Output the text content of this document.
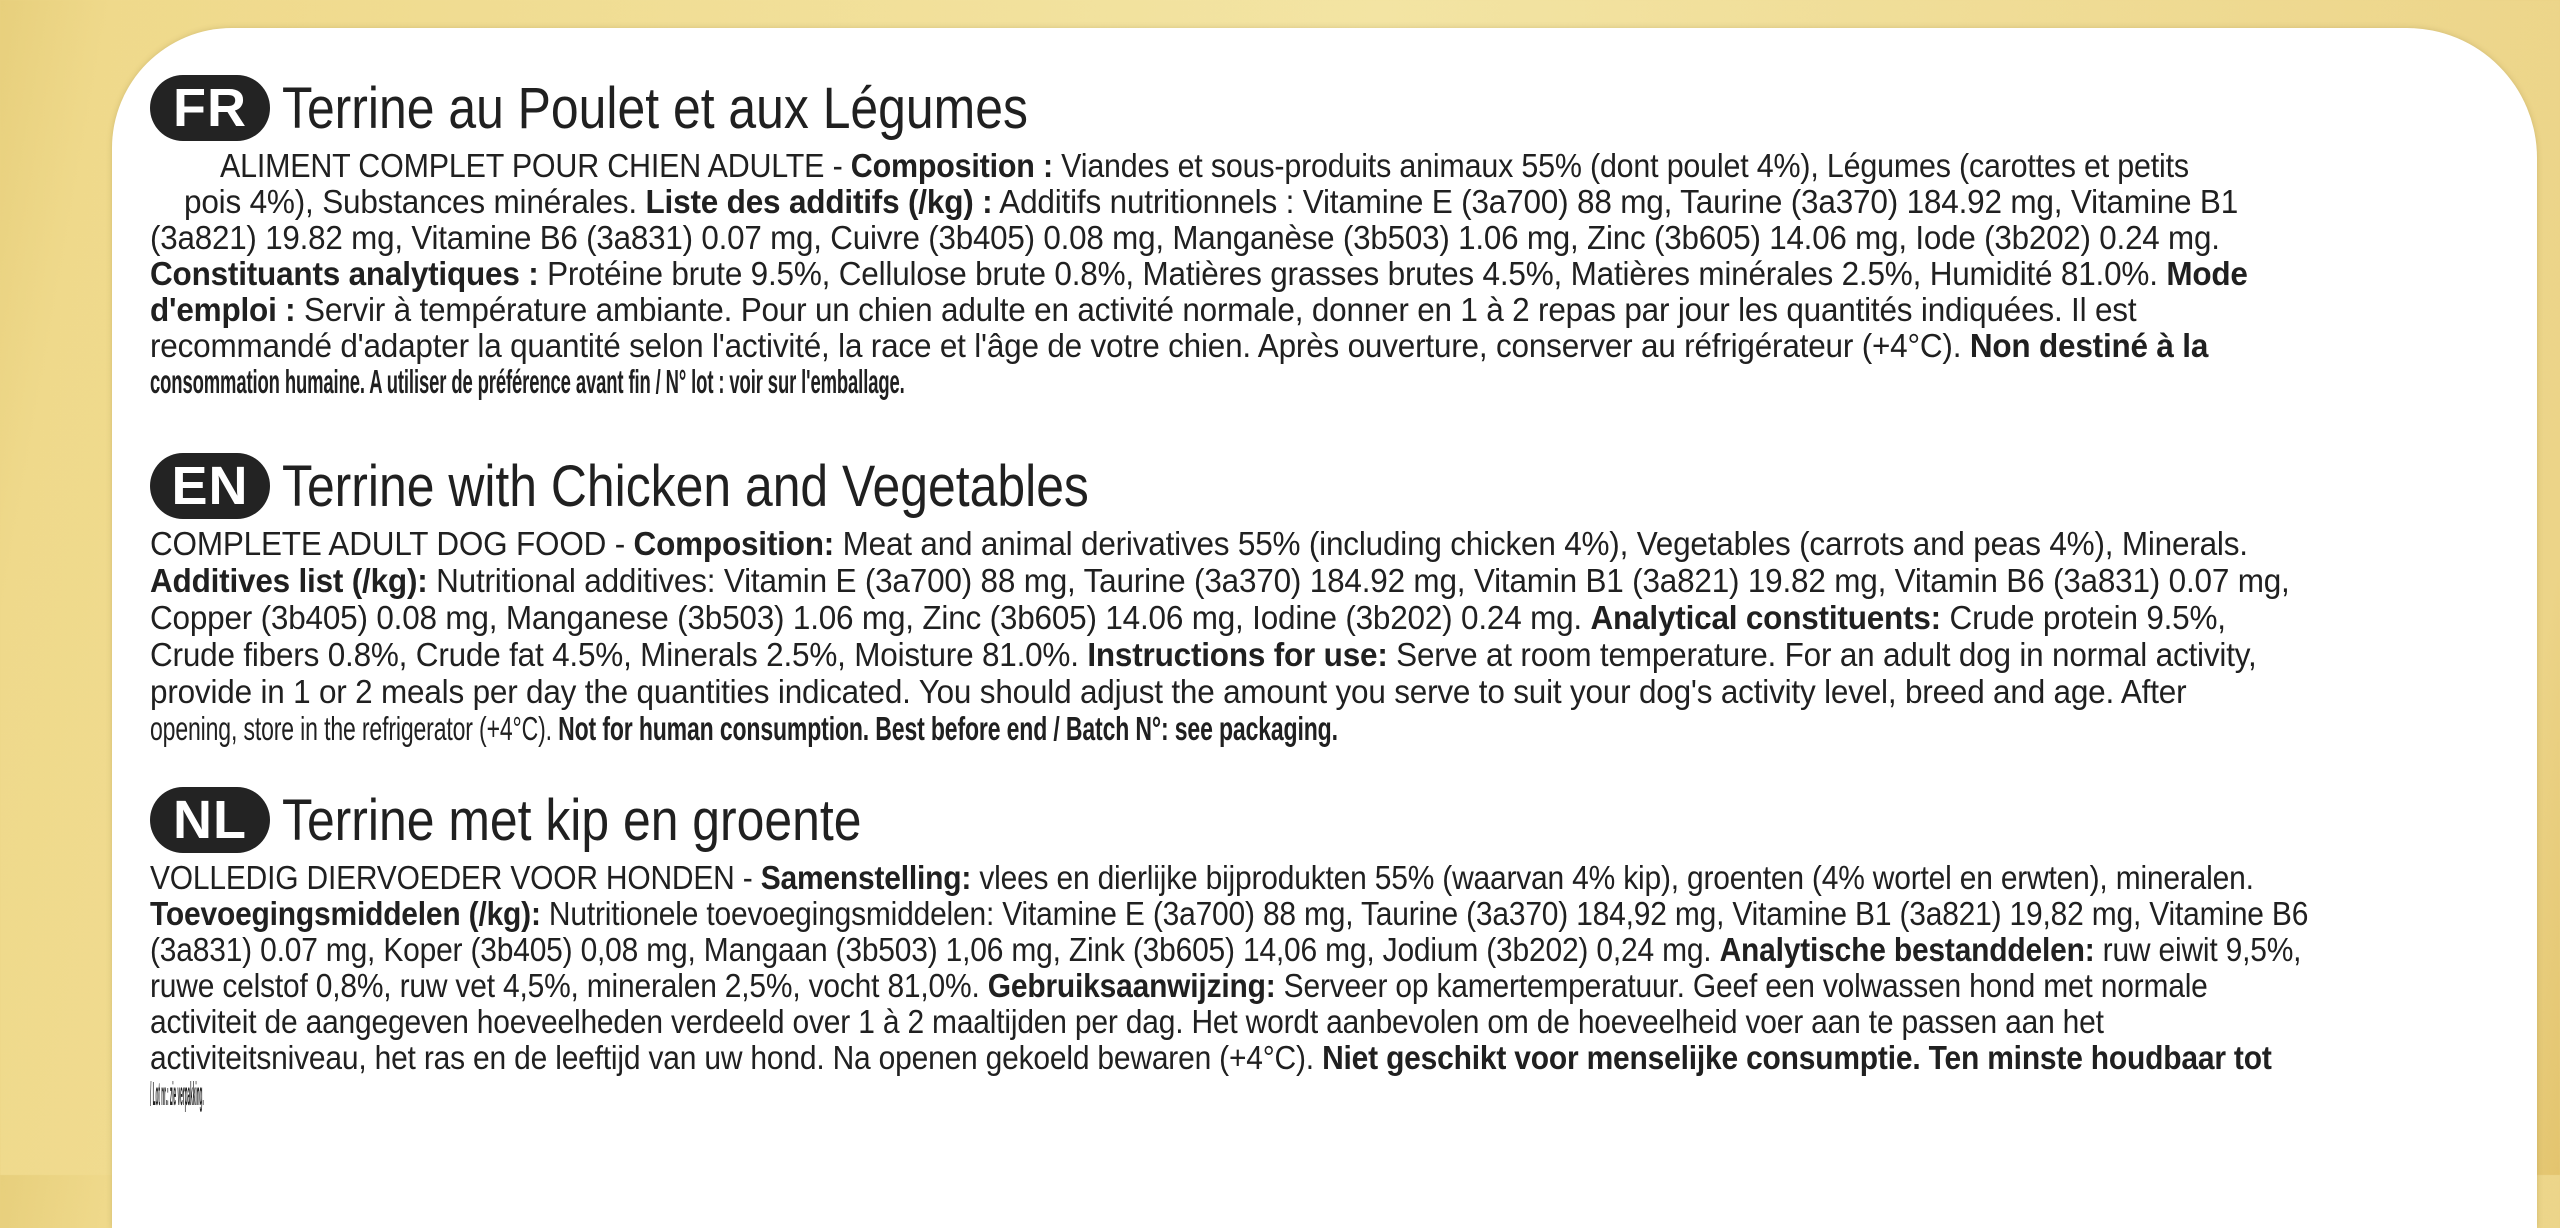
FR Terrine au Poulet et aux Légumes
ALIMENT COMPLET POUR CHIEN ADULTE - Composition : Viandes et sous-produits animaux 55% (dont poulet 4%), Légumes (carottes et petits
pois 4%), Substances minérales. Liste des additifs (/kg) : Additifs nutritionnels : Vitamine E (3a700) 88 mg, Taurine (3a370) 184.92 mg, Vitamine B1
(3a821) 19.82 mg, Vitamine B6 (3a831) 0.07 mg, Cuivre (3b405) 0.08 mg, Manganèse (3b503) 1.06 mg, Zinc (3b605) 14.06 mg, Iode (3b202) 0.24 mg.
Constituants analytiques : Protéine brute 9.5%, Cellulose brute 0.8%, Matières grasses brutes 4.5%, Matières minérales 2.5%, Humidité 81.0%. Mode
d'emploi : Servir à température ambiante. Pour un chien adulte en activité normale, donner en 1 à 2 repas par jour les quantités indiquées. Il est
recommandé d'adapter la quantité selon l'activité, la race et l'âge de votre chien. Après ouverture, conserver au réfrigérateur (+4°C). Non destiné à la
consommation humaine. A utiliser de préférence avant fin / N° lot : voir sur l'emballage.
EN Terrine with Chicken and Vegetables
COMPLETE ADULT DOG FOOD - Composition: Meat and animal derivatives 55% (including chicken 4%), Vegetables (carrots and peas 4%), Minerals.
Additives list (/kg): Nutritional additives: Vitamin E (3a700) 88 mg, Taurine (3a370) 184.92 mg, Vitamin B1 (3a821) 19.82 mg, Vitamin B6 (3a831) 0.07 mg,
Copper (3b405) 0.08 mg, Manganese (3b503) 1.06 mg, Zinc (3b605) 14.06 mg, Iodine (3b202) 0.24 mg. Analytical constituents: Crude protein 9.5%,
Crude fibers 0.8%, Crude fat 4.5%, Minerals 2.5%, Moisture 81.0%. Instructions for use: Serve at room temperature. For an adult dog in normal activity,
provide in 1 or 2 meals per day the quantities indicated. You should adjust the amount you serve to suit your dog's activity level, breed and age. After
opening, store in the refrigerator (+4°C). Not for human consumption. Best before end / Batch N°: see packaging.
NL Terrine met kip en groente
VOLLEDIG DIERVOEDER VOOR HONDEN - Samenstelling: vlees en dierlijke bijprodukten 55% (waarvan 4% kip), groenten (4% wortel en erwten), mineralen.
Toevoegingsmiddelen (/kg): Nutritionele toevoegingsmiddelen: Vitamine E (3a700) 88 mg, Taurine (3a370) 184,92 mg, Vitamine B1 (3a821) 19,82 mg, Vitamine B6
(3a831) 0.07 mg, Koper (3b405) 0,08 mg, Mangaan (3b503) 1,06 mg, Zink (3b605) 14,06 mg, Jodium (3b202) 0,24 mg. Analytische bestanddelen: ruw eiwit 9,5%,
ruwe celstof 0,8%, ruw vet 4,5%, mineralen 2,5%, vocht 81,0%. Gebruiksaanwijzing: Serveer op kamertemperatuur. Geef een volwassen hond met normale
activiteit de aangegeven hoeveelheden verdeeld over 1 à 2 maaltijden per dag. Het wordt aanbevolen om de hoeveelheid voer aan te passen aan het
activiteitsniveau, het ras en de leeftijd van uw hond. Na openen gekoeld bewaren (+4°C). Niet geschikt voor menselijke consumptie. Ten minste houdbaar tot
/ Lot nr.: zie verpakking.
